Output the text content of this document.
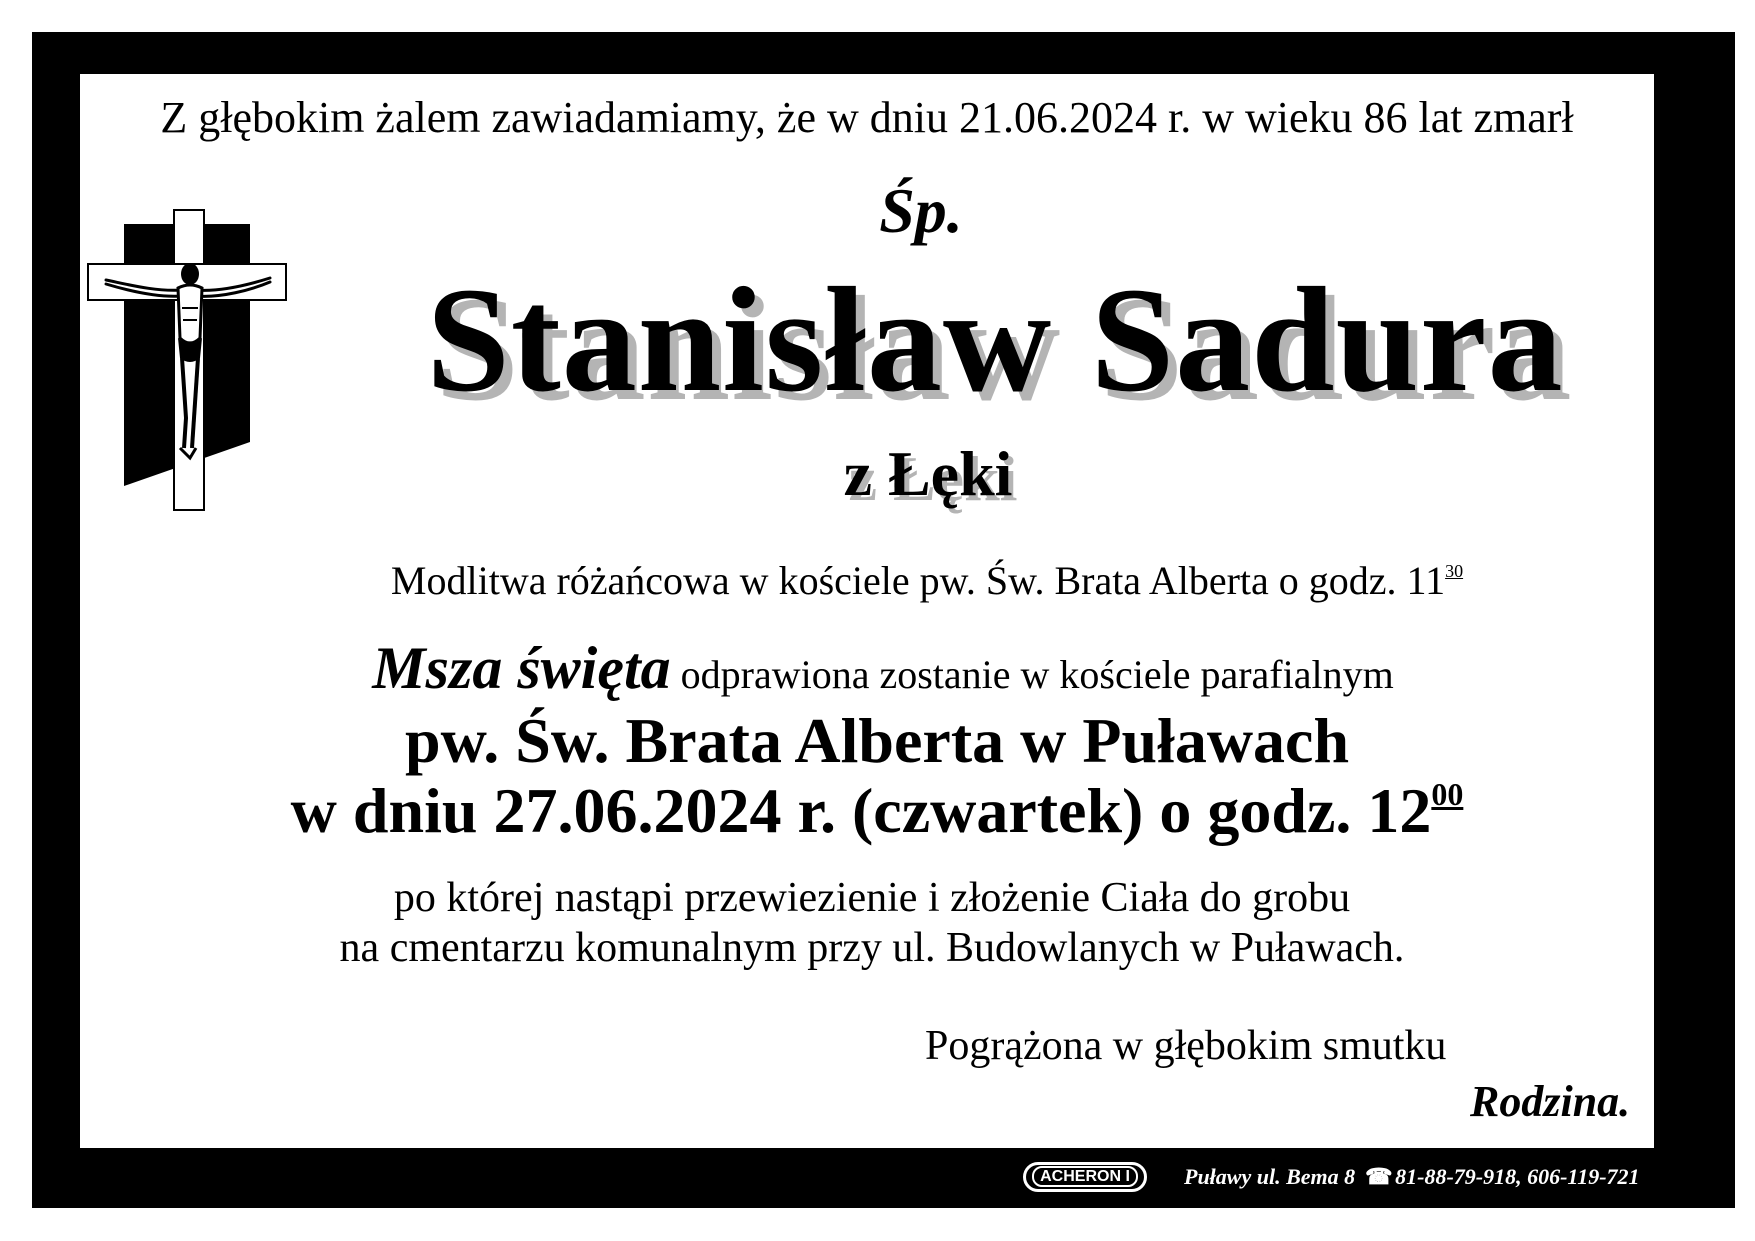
Z głębokim żalem zawiadamiamy, że w dniu 21.06.2024 r. w wieku 86 lat zmarł
Śp.
Stanisław Sadura
z Łęki
Modlitwa różańcowa w kościele pw. Św. Brata Alberta o godz. $11^{30}$
Msza święta odprawiona zostanie w kościele parafialnym
pw. Św. Brata Alberta w Puławach
w dniu 27.06.2024 r. (czwartek) o godz. $12^{00}$
po której nastąpi przewiezienie i złożenie Ciała do grobu
na cmentarzu komunalnym przy ul. Budowlanych w Puławach.
Pogrążona w głębokim smutku
Rodzina.
ACHERON I	Puławy ul. Bema 8 ☎ 81-88-79-918, 606-119-721
